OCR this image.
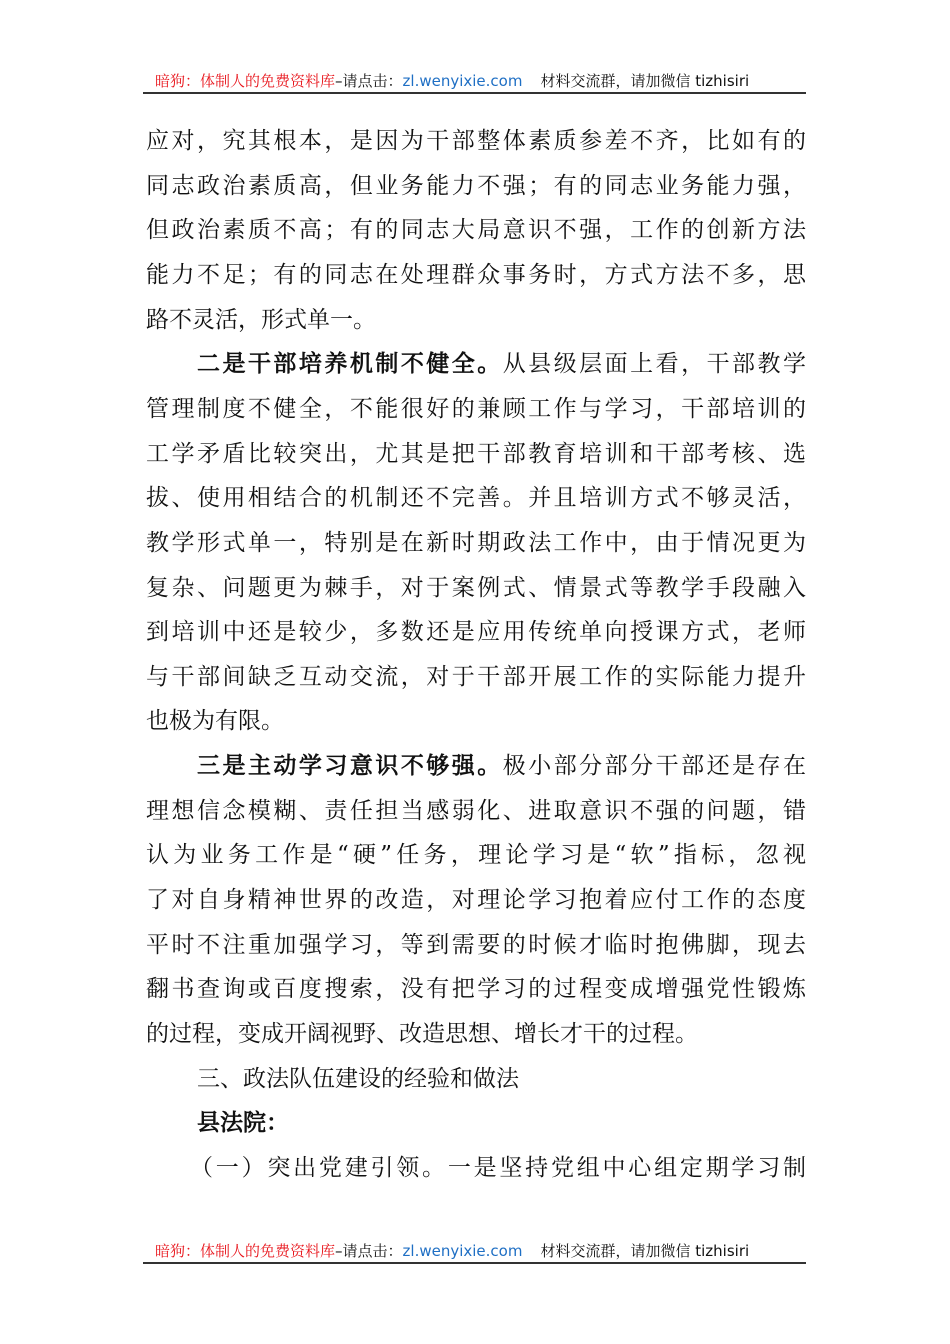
暗狗：体制人的免费资料库–请点击：zl.wenyixie.com 材料交流群，请加微信 tizhisiri
应对，究其根本，是因为干部整体素质参差不齐，比如有的
同志政治素质高，但业务能力不强；有的同志业务能力强，
但政治素质不高；有的同志大局意识不强，工作的创新方法
能力不足；有的同志在处理群众事务时，方式方法不多，思
路不灵活，形式单一。
二是干部培养机制不健全。从县级层面上看，干部教学
管理制度不健全，不能很好的兼顾工作与学习，干部培训的
工学矛盾比较突出，尤其是把干部教育培训和干部考核、选
拔、使用相结合的机制还不完善。并且培训方式不够灵活，
教学形式单一，特别是在新时期政法工作中，由于情况更为
复杂、问题更为棘手，对于案例式、情景式等教学手段融入
到培训中还是较少，多数还是应用传统单向授课方式，老师
与干部间缺乏互动交流，对于干部开展工作的实际能力提升
也极为有限。
三是主动学习意识不够强。极小部分部分干部还是存在
理想信念模糊、责任担当感弱化、进取意识不强的问题，错
认为业务工作是“硬”任务，理论学习是“软”指标，忽视
了对自身精神世界的改造，对理论学习抱着应付工作的态度
平时不注重加强学习，等到需要的时候才临时抱佛脚，现去
翻书查询或百度搜索，没有把学习的过程变成增强党性锻炼
的过程，变成开阔视野、改造思想、增长才干的过程。
三、政法队伍建设的经验和做法
县法院：
（一）突出党建引领。一是坚持党组中心组定期学习制
暗狗：体制人的免费资料库–请点击：zl.wenyixie.com 材料交流群，请加微信 tizhisiri
